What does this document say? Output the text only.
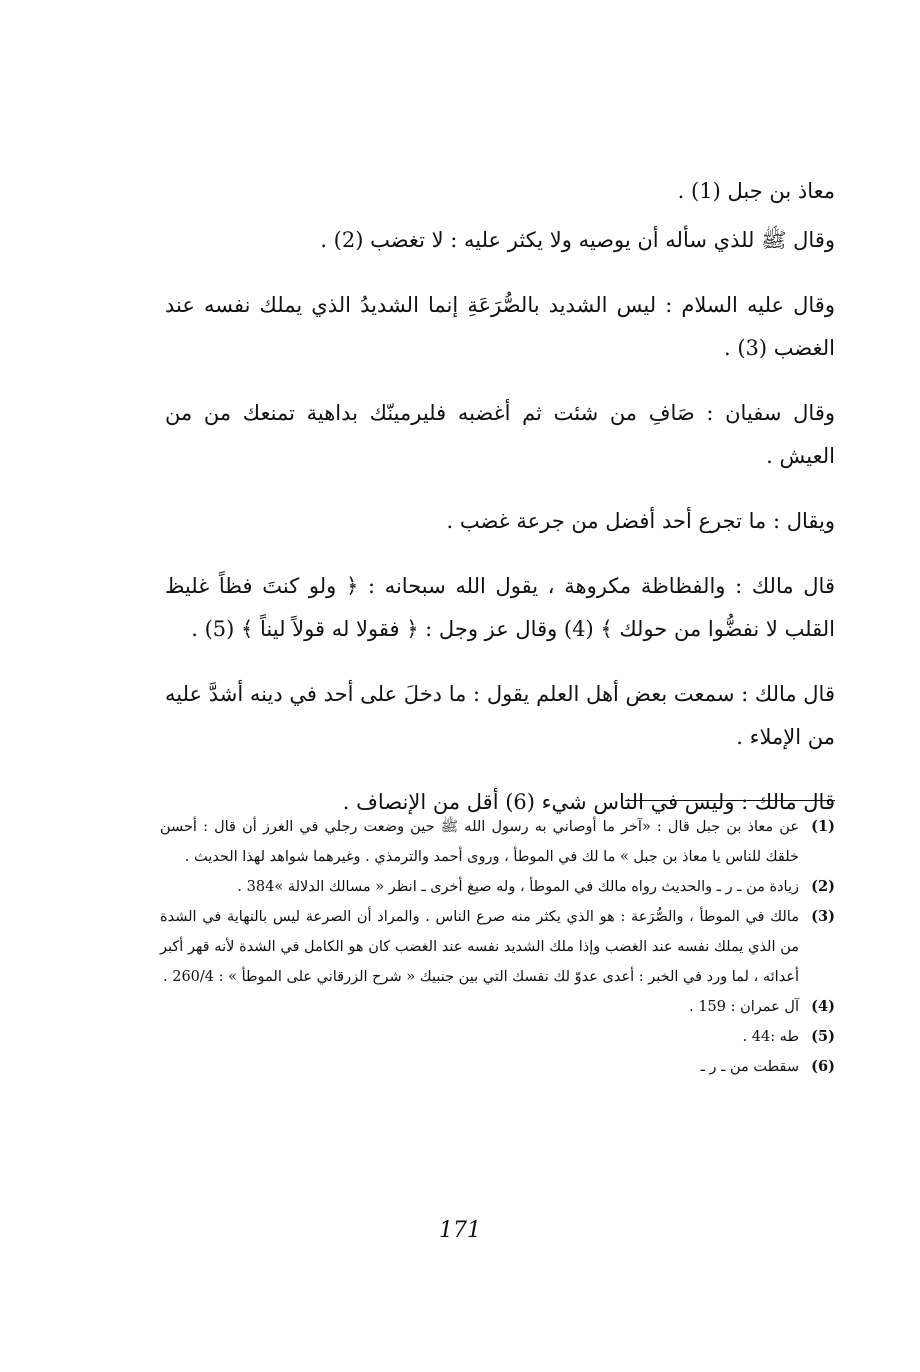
معاذ بن جبل (1) .

وقال ﷺ للذي سأله أن يوصيه ولا يكثر عليه : لا تغضب (2) .

وقال عليه السلام : ليس الشديد بالصُّرَعَةِ إنما الشديدُ الذي يملك نفسه عند الغضب (3) .

وقال سفيان : صَافِ من شئت ثم أغضبه فليرمينّك بداهية تمنعك من من العيش .

ويقال : ما تجرع أحد أفضل من جرعة غضب .

قال مالك : والفظاظة مكروهة ، يقول الله سبحانه : ﴿ ولو كنتَ فظاً غليظ القلب لا نفضُّوا من حولك ﴾ (4) وقال عز وجل : ﴿ فقولا له قولاً ليناً ﴾ (5) .

قال مالك : سمعت بعض أهل العلم يقول : ما دخلَ على أحد في دينه أشدَّ عليه من الإملاء .

قال مالك : وليس في الناس شيء (6) أقل من الإنصاف .

(1)
عن معاذ بن جبل قال : «آخر ما أوصاني به رسول الله ﷺ حين وضعت رجلي في الغرز أن قال : أحسن خلقك للناس يا معاذ بن جبل » ما لك في الموطأ ، وروى أحمد والترمذي . وغيرهما شواهد لهذا الحديث .
(2)
زيادة من ـ ر ـ والحديث رواه مالك في الموطأ ، وله صيغ أخرى ـ انظر « مسالك الدلالة »384 .
(3)
مالك في الموطأ ، والصُّرَعة : هو الذي يكثر منه صرع الناس . والمراد أن الصرعة ليس بالنهاية في الشدة من الذي يملك نفسه عند الغضب وإذا ملك الشديد نفسه عند الغضب كان هو الكامل في الشدة لأنه قهر أكبر أعدائه ، لما ورد في الخبر : أعدى عدوّ لك نفسك التي بين جنبيك « شرح الزرقاني على الموطأ » : 260/4 .
(4)
آل عمران : 159 .
(5)
طه :44 .
(6)
سقطت من ـ ر ـ
171
